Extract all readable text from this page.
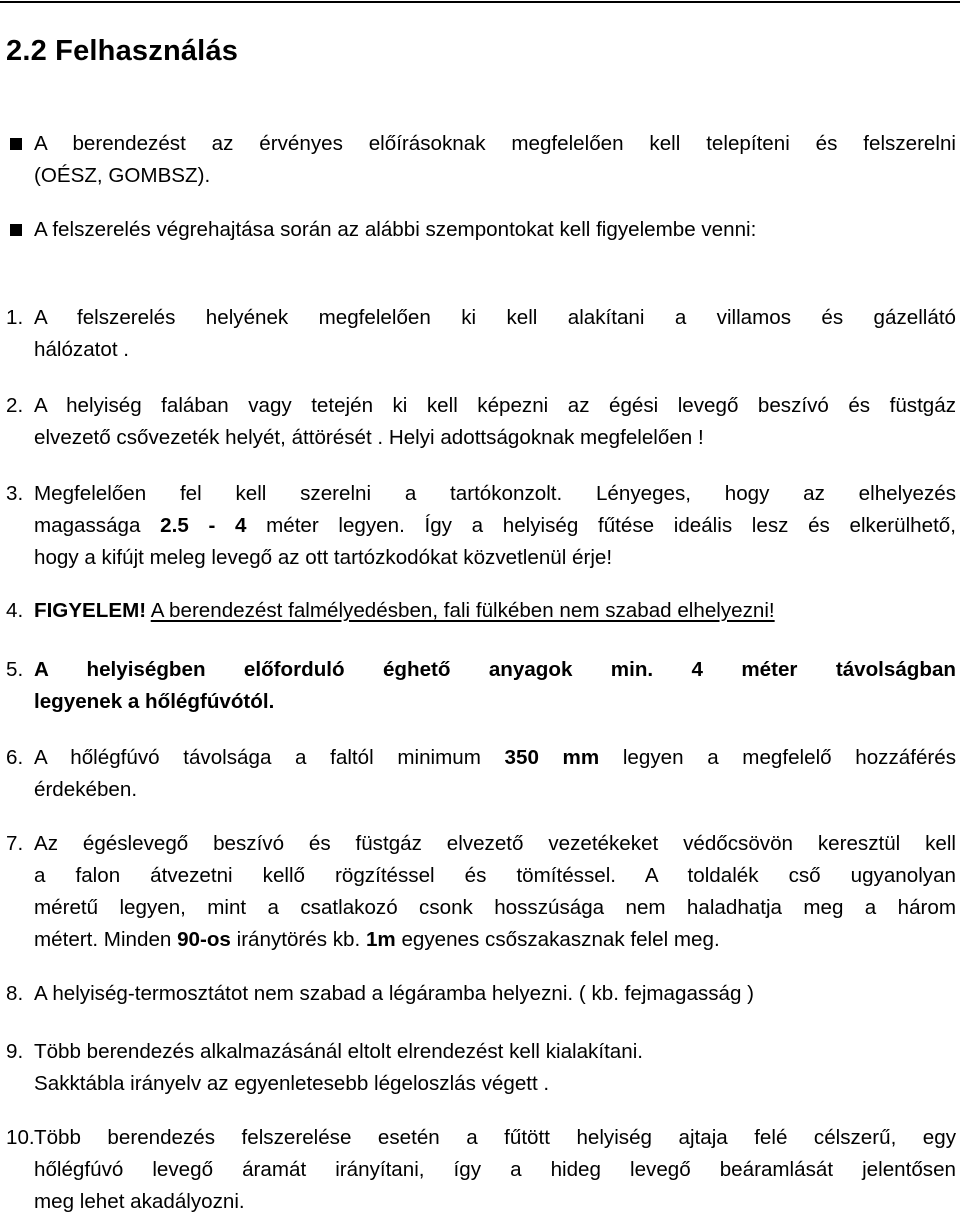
2.2 Felhasználás
A berendezést az érvényes előírásoknak megfelelően kell telepíteni és felszerelni
(OÉSZ, GOMBSZ).
A felszerelés végrehajtása során az alábbi szempontokat kell figyelembe venni:
1. A felszerelés helyének megfelelően ki kell alakítani a villamos és gázellátó
hálózatot .
2. A helyiség falában vagy tetején ki kell képezni az égési levegő beszívó és füstgáz
elvezető csővezeték helyét, áttörését . Helyi adottságoknak megfelelően !
3. Megfelelően fel kell szerelni a tartókonzolt. Lényeges, hogy az elhelyezés
magassága 2.5 - 4 méter legyen. Így a helyiség fűtése ideális lesz és elkerülhető,
hogy a kifújt meleg levegő az ott tartózkodókat közvetlenül érje!
4. FIGYELEM! A berendezést falmélyedésben, fali fülkében nem szabad elhelyezni!
5. A helyiségben előforduló éghető anyagok min. 4 méter távolságban
legyenek a hőlégfúvótól.
6. A hőlégfúvó távolsága a faltól minimum 350 mm legyen a megfelelő hozzáférés
érdekében.
7. Az égéslevegő beszívó és füstgáz elvezető vezetékeket védőcsövön keresztül kell
a falon átvezetni kellő rögzítéssel és tömítéssel. A toldalék cső ugyanolyan
méretű legyen, mint a csatlakozó csonk hosszúsága nem haladhatja meg a három
métert. Minden 90-os iránytörés kb. 1m egyenes csőszakasznak felel meg.
8. A helyiség-termosztátot nem szabad a légáramba helyezni. ( kb. fejmagasság )
9. Több berendezés alkalmazásánál eltolt elrendezést kell kialakítani.
Sakktábla irányelv az egyenletesebb légeloszlás végett .
10. Több berendezés felszerelése esetén a fűtött helyiség ajtaja felé célszerű, egy
hőlégfúvó levegő áramát irányítani, így a hideg levegő beáramlását jelentősen
meg lehet akadályozni.
